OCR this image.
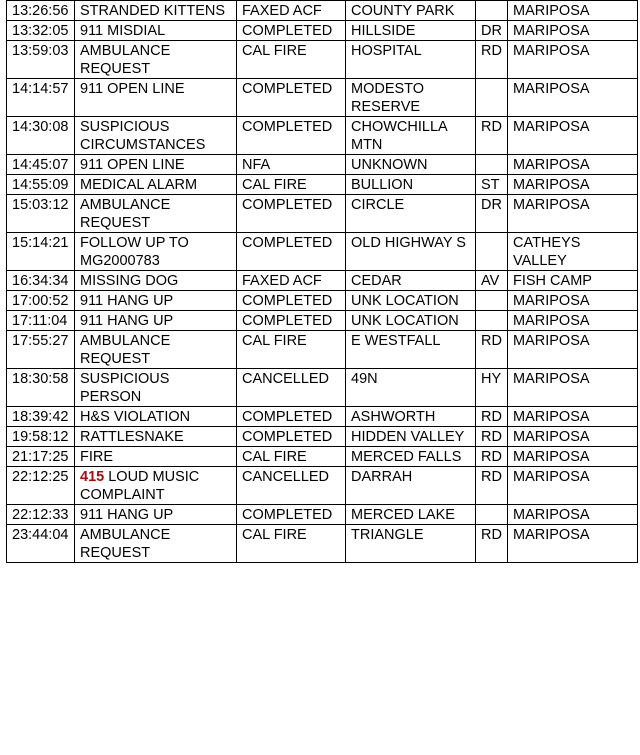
13:26:56	STRANDED KITTENS	FAXED ACF	COUNTY PARK		MARIPOSA
13:32:05	911 MISDIAL	COMPLETED	HILLSIDE	DR	MARIPOSA
13:59:03	AMBULANCE REQUEST	CAL FIRE	HOSPITAL	RD	MARIPOSA
14:14:57	911 OPEN LINE	COMPLETED	MODESTO RESERVE		MARIPOSA
14:30:08	SUSPICIOUS CIRCUMSTANCES	COMPLETED	CHOWCHILLA MTN	RD	MARIPOSA
14:45:07	911 OPEN LINE	NFA	UNKNOWN		MARIPOSA
14:55:09	MEDICAL ALARM	CAL FIRE	BULLION	ST	MARIPOSA
15:03:12	AMBULANCE REQUEST	COMPLETED	CIRCLE	DR	MARIPOSA
15:14:21	FOLLOW UP TO MG2000783	COMPLETED	OLD HIGHWAY S		CATHEYS VALLEY
16:34:34	MISSING DOG	FAXED ACF	CEDAR	AV	FISH CAMP
17:00:52	911 HANG UP	COMPLETED	UNK LOCATION		MARIPOSA
17:11:04	911 HANG UP	COMPLETED	UNK LOCATION		MARIPOSA
17:55:27	AMBULANCE REQUEST	CAL FIRE	E WESTFALL	RD	MARIPOSA
18:30:58	SUSPICIOUS PERSON	CANCELLED	49N	HY	MARIPOSA
18:39:42	H&S VIOLATION	COMPLETED	ASHWORTH	RD	MARIPOSA
19:58:12	RATTLESNAKE	COMPLETED	HIDDEN VALLEY	RD	MARIPOSA
21:17:25	FIRE	CAL FIRE	MERCED FALLS	RD	MARIPOSA
22:12:25	415 LOUD MUSIC COMPLAINT	CANCELLED	DARRAH	RD	MARIPOSA
22:12:33	911 HANG UP	COMPLETED	MERCED LAKE		MARIPOSA
23:44:04	AMBULANCE REQUEST	CAL FIRE	TRIANGLE	RD	MARIPOSA
